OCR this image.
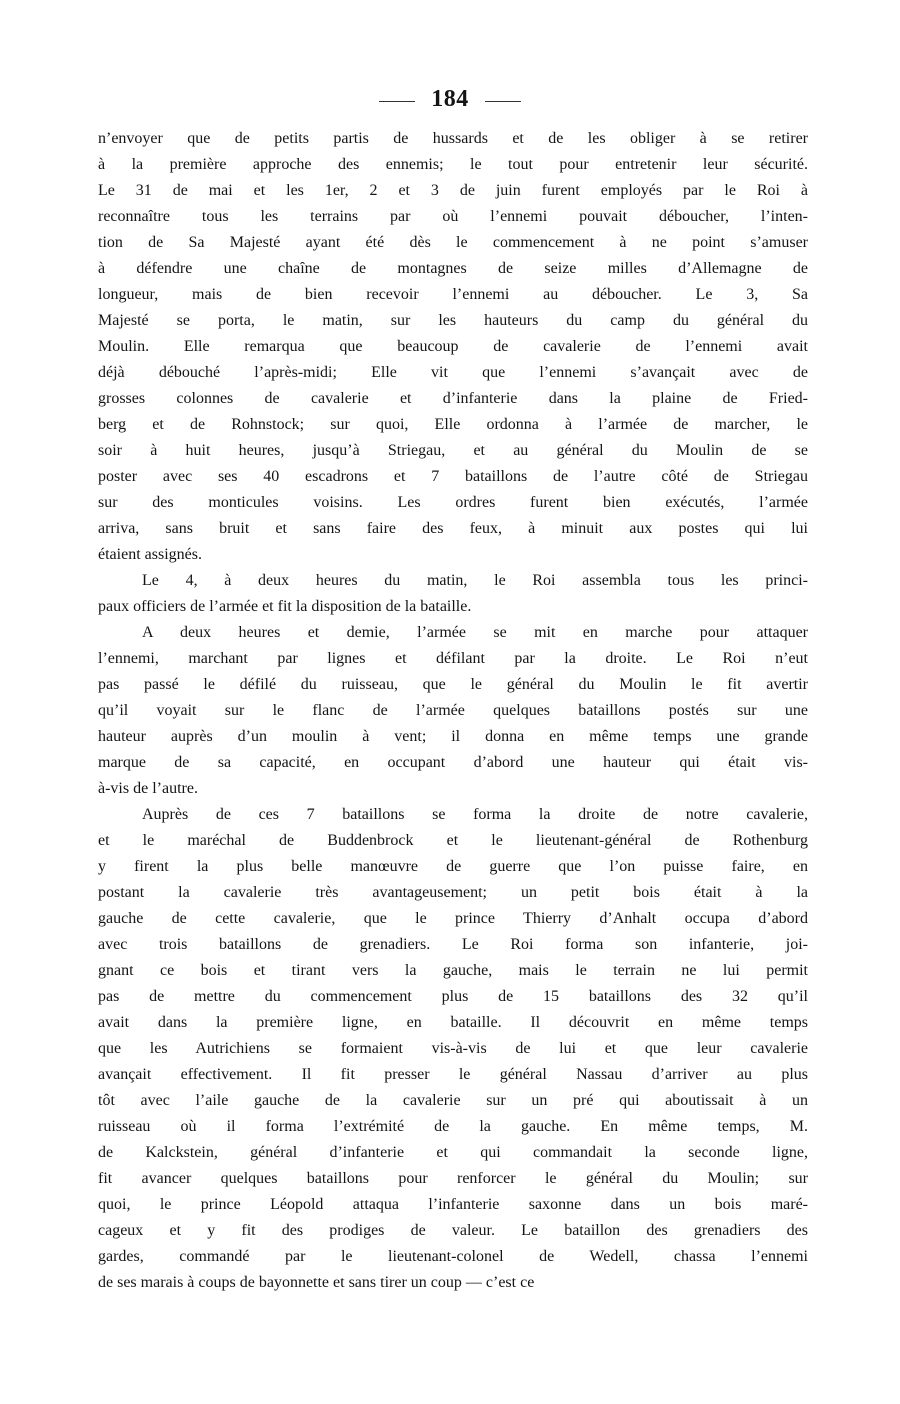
184
n’envoyer que de petits partis de hussards et de les obliger à se retirer
à la première approche des ennemis; le tout pour entretenir leur sécurité.
Le 31 de mai et les 1er, 2 et 3 de juin furent employés par le Roi à
reconnaître tous les terrains par où l’ennemi pouvait déboucher, l’inten-
tion de Sa Majesté ayant été dès le commencement à ne point s’amuser
à défendre une chaîne de montagnes de seize milles d’Allemagne de
longueur, mais de bien recevoir l’ennemi au déboucher. Le 3, Sa
Majesté se porta, le matin, sur les hauteurs du camp du général du
Moulin. Elle remarqua que beaucoup de cavalerie de l’ennemi avait
déjà débouché l’après-midi; Elle vit que l’ennemi s’avançait avec de
grosses colonnes de cavalerie et d’infanterie dans la plaine de Fried-
berg et de Rohnstock; sur quoi, Elle ordonna à l’armée de marcher, le
soir à huit heures, jusqu’à Striegau, et au général du Moulin de se
poster avec ses 40 escadrons et 7 bataillons de l’autre côté de Striegau
sur des monticules voisins. Les ordres furent bien exécutés, l’armée
arriva, sans bruit et sans faire des feux, à minuit aux postes qui lui
étaient assignés.
Le 4, à deux heures du matin, le Roi assembla tous les princi-
paux officiers de l’armée et fit la disposition de la bataille.
A deux heures et demie, l’armée se mit en marche pour attaquer
l’ennemi, marchant par lignes et défilant par la droite. Le Roi n’eut
pas passé le défilé du ruisseau, que le général du Moulin le fit avertir
qu’il voyait sur le flanc de l’armée quelques bataillons postés sur une
hauteur auprès d’un moulin à vent; il donna en même temps une grande
marque de sa capacité, en occupant d’abord une hauteur qui était vis-
à-vis de l’autre.
Auprès de ces 7 bataillons se forma la droite de notre cavalerie,
et le maréchal de Buddenbrock et le lieutenant-général de Rothenburg
y firent la plus belle manœuvre de guerre que l’on puisse faire, en
postant la cavalerie très avantageusement; un petit bois était à la
gauche de cette cavalerie, que le prince Thierry d’Anhalt occupa d’abord
avec trois bataillons de grenadiers. Le Roi forma son infanterie, joi-
gnant ce bois et tirant vers la gauche, mais le terrain ne lui permit
pas de mettre du commencement plus de 15 bataillons des 32 qu’il
avait dans la première ligne, en bataille. Il découvrit en même temps
que les Autrichiens se formaient vis-à-vis de lui et que leur cavalerie
avançait effectivement. Il fit presser le général Nassau d’arriver au plus
tôt avec l’aile gauche de la cavalerie sur un pré qui aboutissait à un
ruisseau où il forma l’extrémité de la gauche. En même temps, M.
de Kalckstein, général d’infanterie et qui commandait la seconde ligne,
fit avancer quelques bataillons pour renforcer le général du Moulin; sur
quoi, le prince Léopold attaqua l’infanterie saxonne dans un bois maré-
cageux et y fit des prodiges de valeur. Le bataillon des grenadiers des
gardes, commandé par le lieutenant-colonel de Wedell, chassa l’ennemi
de ses marais à coups de bayonnette et sans tirer un coup — c’est ce
